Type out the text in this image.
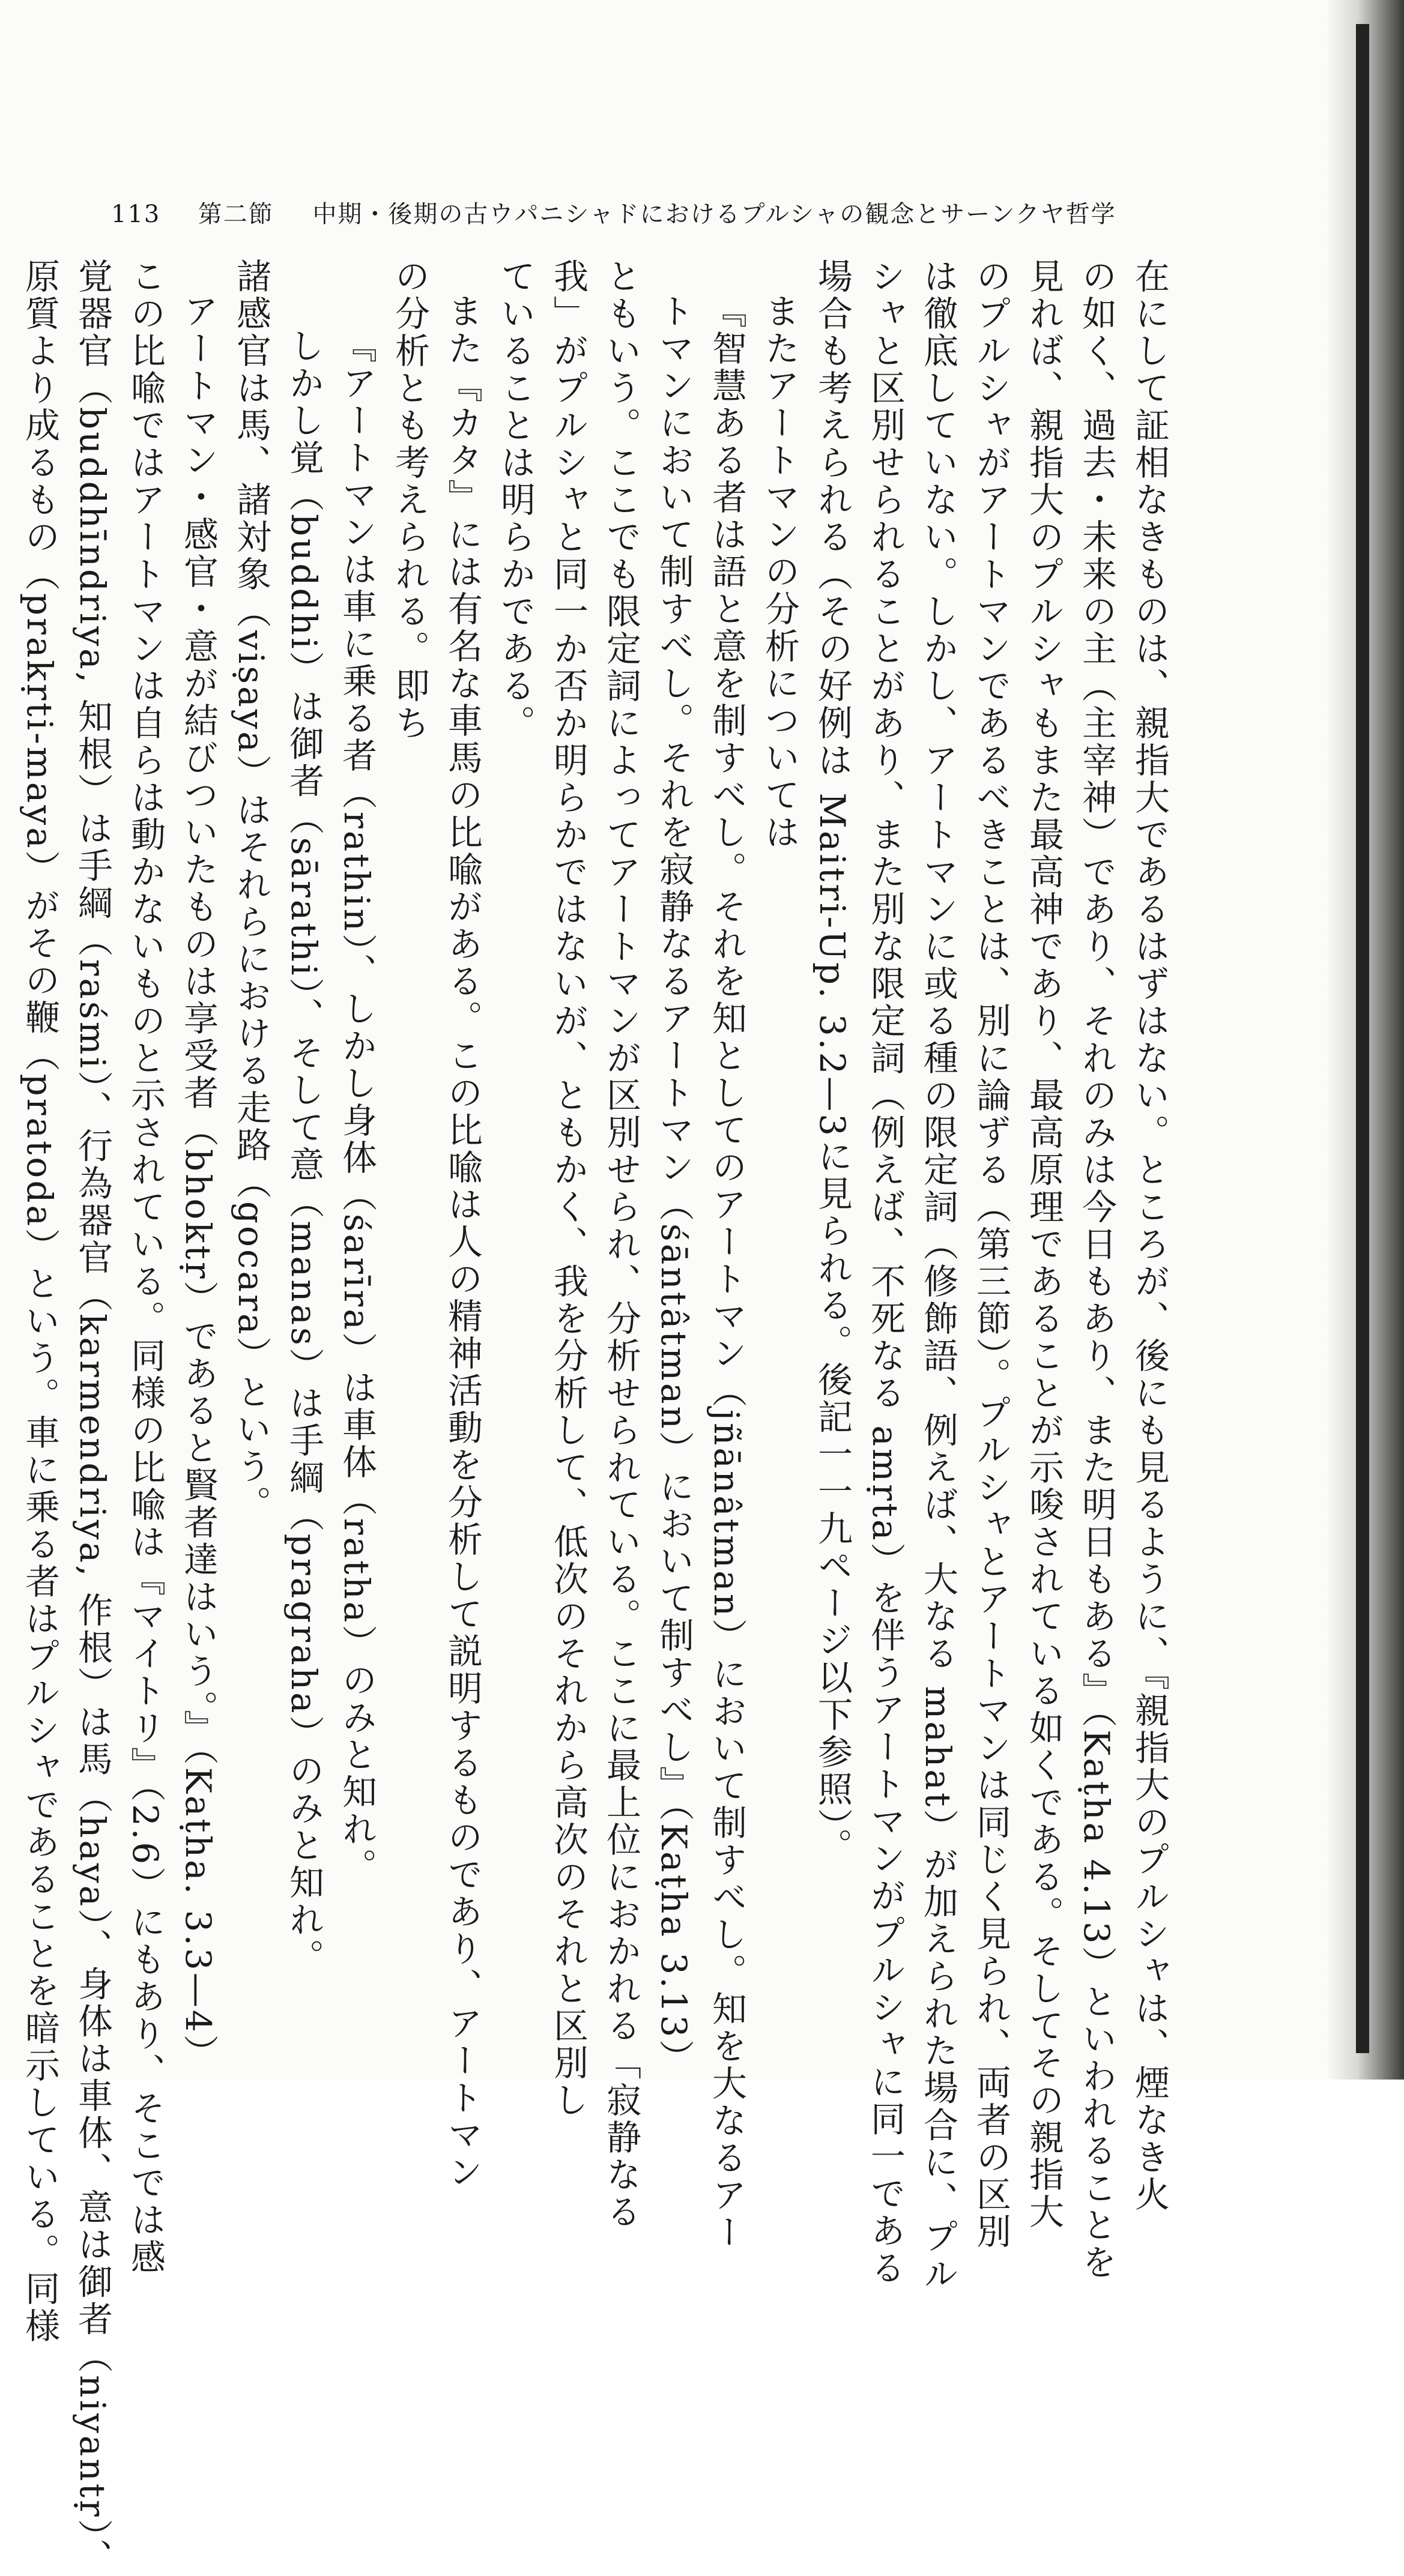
113 第二節 中期・後期の古ウパニシャドにおけるプルシャの観念とサーンクヤ哲学
在にして証相なきものは、親指大であるはずはない。ところが、後にも見るように、『親指大のプルシャは、煙なき火
の如く、過去・未来の主（主宰神）であり、それのみは今日もあり、また明日もある』（Kaṭha 4.13）といわれることを
見れば、親指大のプルシャもまた最高神であり、最高原理であることが示唆されている如くである。そしてその親指大
のプルシャがアートマンであるべきことは、別に論ずる（第三節）。プルシャとアートマンは同じく見られ、両者の区別
は徹底していない。しかし、アートマンに或る種の限定詞（修飾語、例えば、大なる mahat）が加えられた場合に、プル
シャと区別せられることがあり、また別な限定詞（例えば、不死なる amṛta）を伴うアートマンがプルシャに同一である
場合も考えられる（その好例は Maitri-Up. 3.2—3に見られる。後記一一九ページ以下参照）。
またアートマンの分析については
『智慧ある者は語と意を制すべし。それを知としてのアートマン（jñānâtman）において制すべし。知を大なるアー
トマンにおいて制すべし。それを寂静なるアートマン（śāntâtman）において制すべし』（Kaṭha 3.13）
ともいう。ここでも限定詞によってアートマンが区別せられ、分析せられている。ここに最上位におかれる「寂静なる
我」がプルシャと同一か否か明らかではないが、ともかく、我を分析して、低次のそれから高次のそれと区別し
ていることは明らかである。
また『カタ』には有名な車馬の比喩がある。この比喩は人の精神活動を分析して説明するものであり、アートマン
の分析とも考えられる。即ち
『アートマンは車に乗る者（rathin）、しかし身体（śarīra）は車体（ratha）のみと知れ。
しかし覚（buddhi）は御者（sārathi）、そして意（manas）は手綱（pragraha）のみと知れ。
諸感官は馬、諸対象（viṣaya）はそれらにおける走路（gocara）という。
アートマン・感官・意が結びついたものは享受者（bhoktṛ）であると賢者達はいう。』（Kaṭha. 3.3—4）
この比喩ではアートマンは自らは動かないものと示されている。同様の比喩は『マイトリ』（2.6）にもあり、そこでは感
覚器官（buddhīndriya, 知根）は手綱（raśmi）、行為器官（karmendriya, 作根）は馬（haya）、身体は車体、意は御者（niyantṛ）、
原質より成るもの（prakṛti-maya）がその鞭（pratoda）という。車に乗る者はプルシャであることを暗示している。同様
